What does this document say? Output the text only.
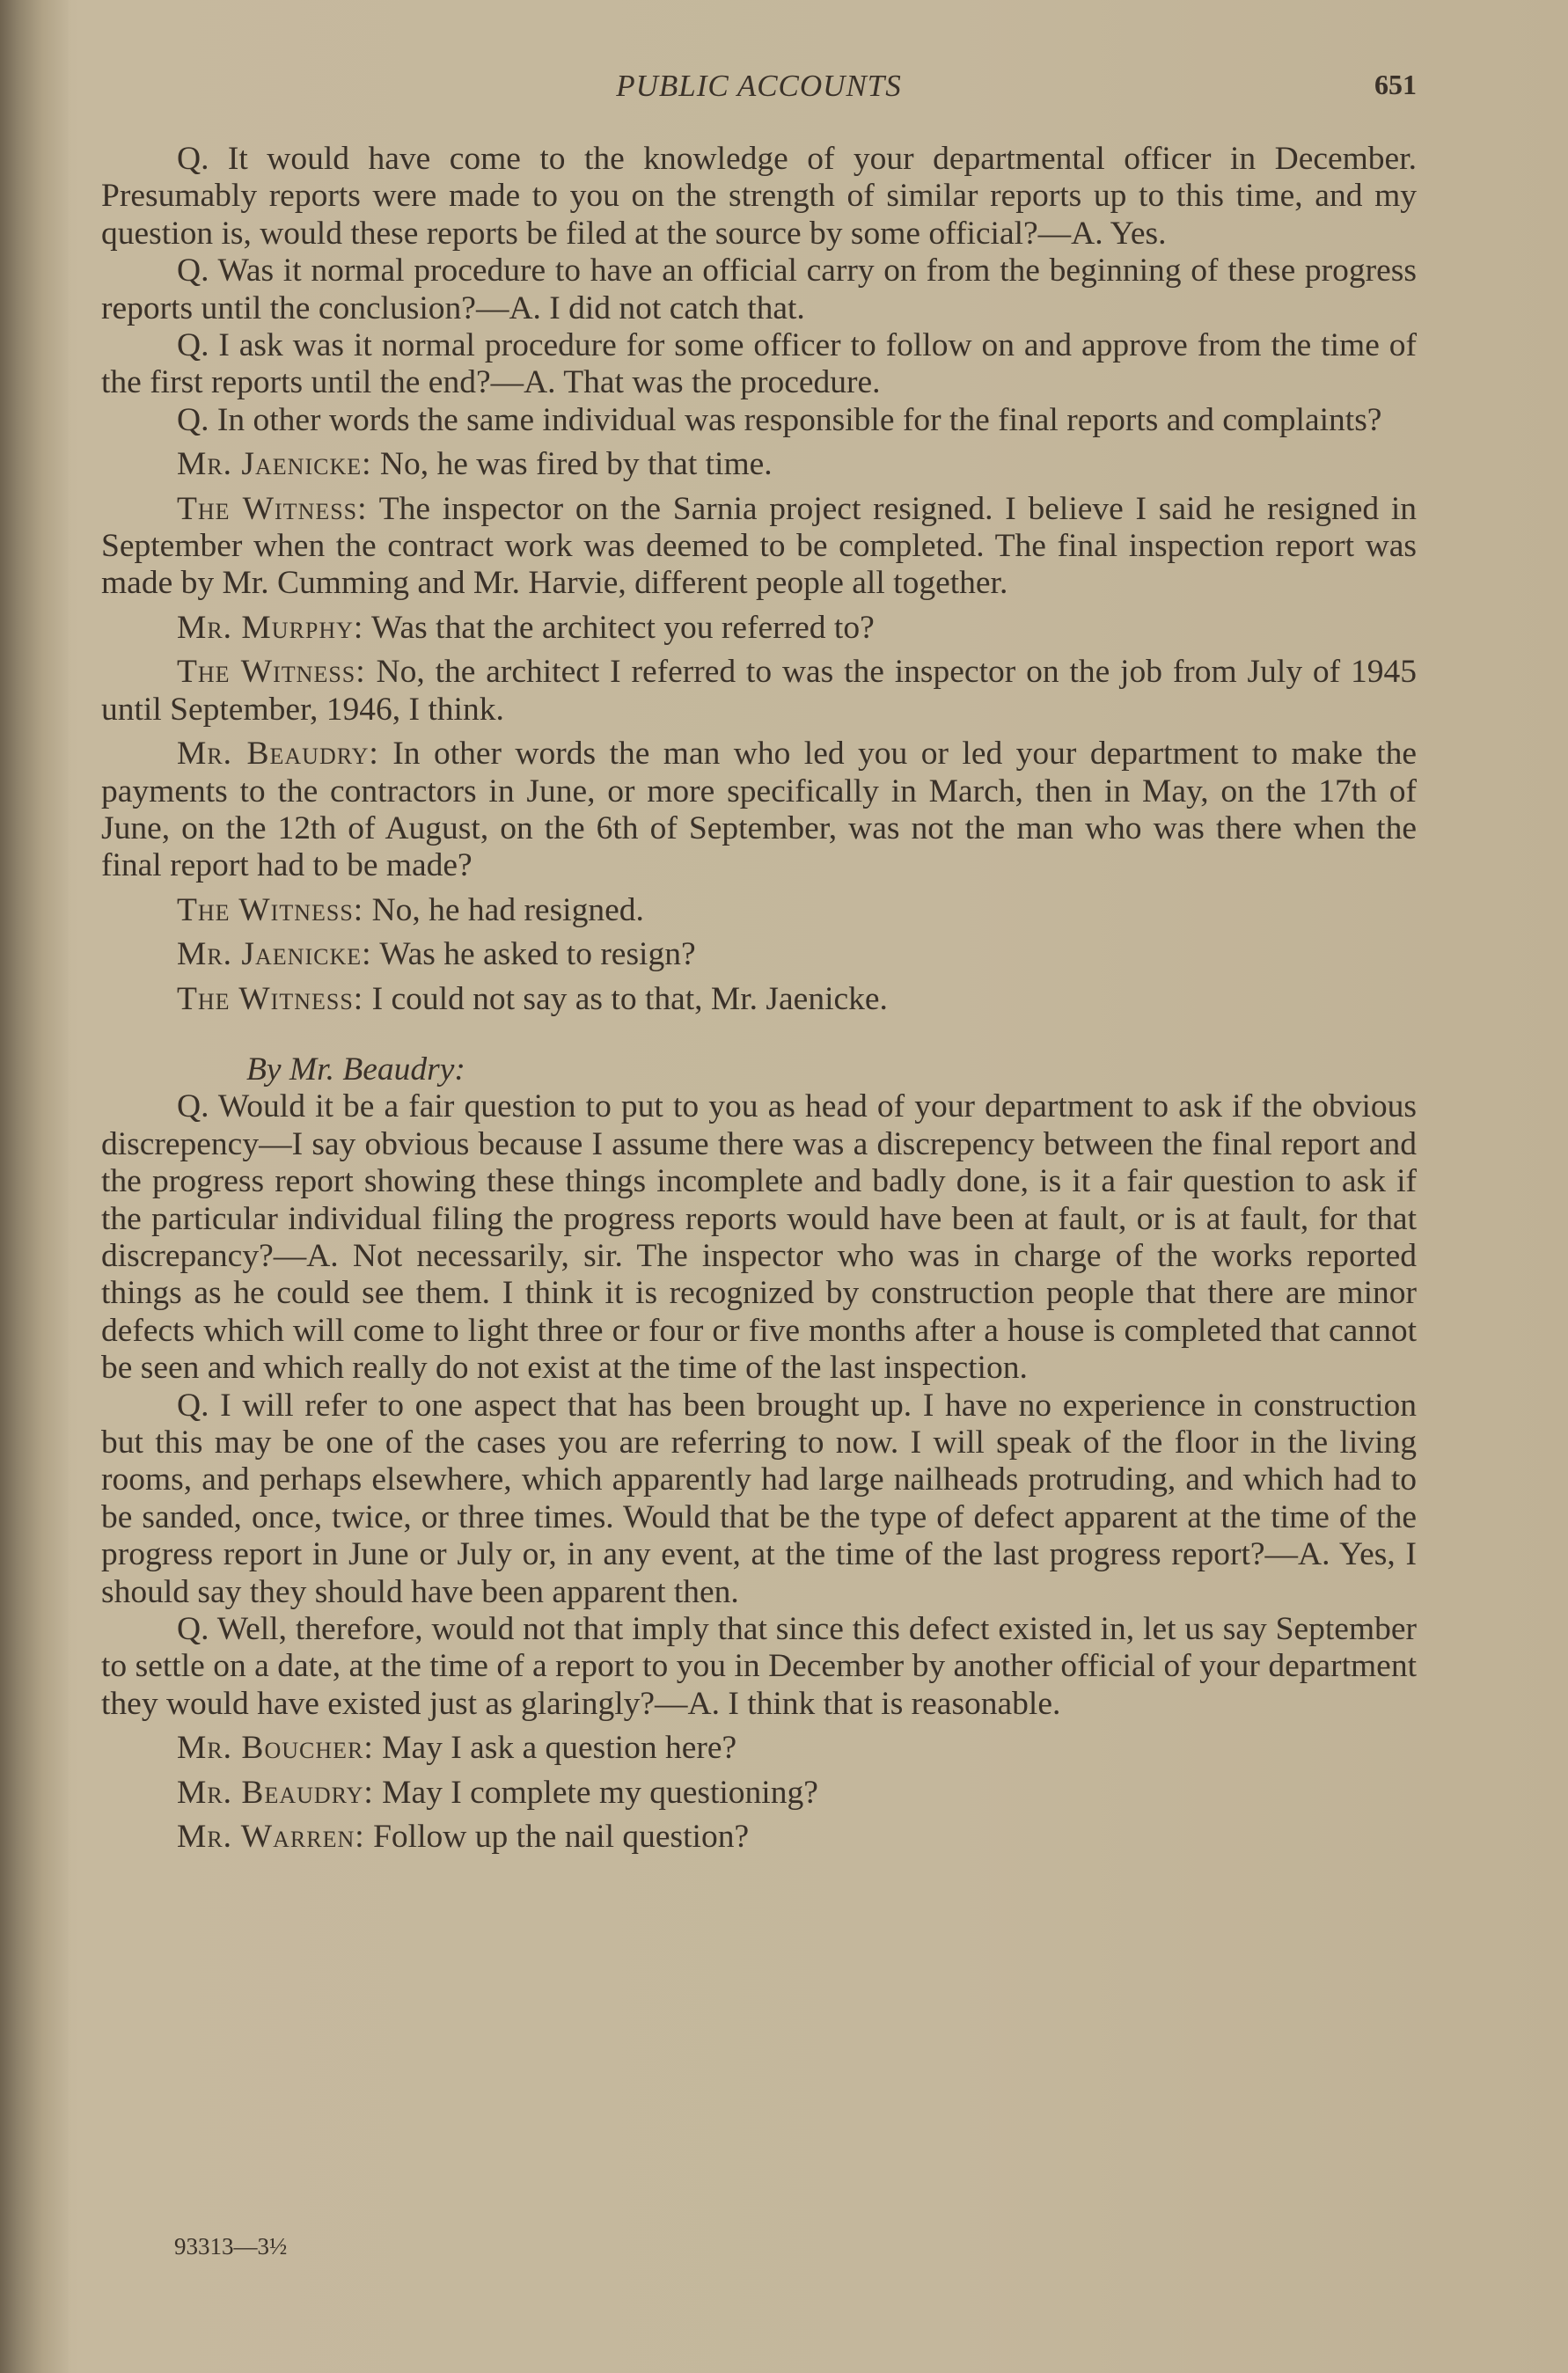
PUBLIC ACCOUNTS	651

Q. It would have come to the knowledge of your departmental officer in December. Presumably reports were made to you on the strength of similar reports up to this time, and my question is, would these reports be filed at the source by some official?—A. Yes.

Q. Was it normal procedure to have an official carry on from the beginning of these progress reports until the conclusion?—A. I did not catch that.

Q. I ask was it normal procedure for some officer to follow on and approve from the time of the first reports until the end?—A. That was the procedure.

Q. In other words the same individual was responsible for the final reports and complaints?

Mr. Jaenicke: No, he was fired by that time.

The Witness: The inspector on the Sarnia project resigned. I believe I said he resigned in September when the contract work was deemed to be completed. The final inspection report was made by Mr. Cumming and Mr. Harvie, different people all together.

Mr. Murphy: Was that the architect you referred to?

The Witness: No, the architect I referred to was the inspector on the job from July of 1945 until September, 1946, I think.

Mr. Beaudry: In other words the man who led you or led your department to make the payments to the contractors in June, or more specifically in March, then in May, on the 17th of June, on the 12th of August, on the 6th of September, was not the man who was there when the final report had to be made?

The Witness: No, he had resigned.

Mr. Jaenicke: Was he asked to resign?

The Witness: I could not say as to that, Mr. Jaenicke.

By Mr. Beaudry:

Q. Would it be a fair question to put to you as head of your department to ask if the obvious discrepency—I say obvious because I assume there was a discrepency between the final report and the progress report showing these things incomplete and badly done, is it a fair question to ask if the particular individual filing the progress reports would have been at fault, or is at fault, for that discrepancy?—A. Not necessarily, sir. The inspector who was in charge of the works reported things as he could see them. I think it is recognized by construction people that there are minor defects which will come to light three or four or five months after a house is completed that cannot be seen and which really do not exist at the time of the last inspection.

Q. I will refer to one aspect that has been brought up. I have no experience in construction but this may be one of the cases you are referring to now. I will speak of the floor in the living rooms, and perhaps elsewhere, which apparently had large nailheads protruding, and which had to be sanded, once, twice, or three times. Would that be the type of defect apparent at the time of the progress report in June or July or, in any event, at the time of the last progress report?—A. Yes, I should say they should have been apparent then.

Q. Well, therefore, would not that imply that since this defect existed in, let us say September to settle on a date, at the time of a report to you in December by another official of your department they would have existed just as glaringly?—A. I think that is reasonable.

Mr. Boucher: May I ask a question here?

Mr. Beaudry: May I complete my questioning?

Mr. Warren: Follow up the nail question?

93313—3½
